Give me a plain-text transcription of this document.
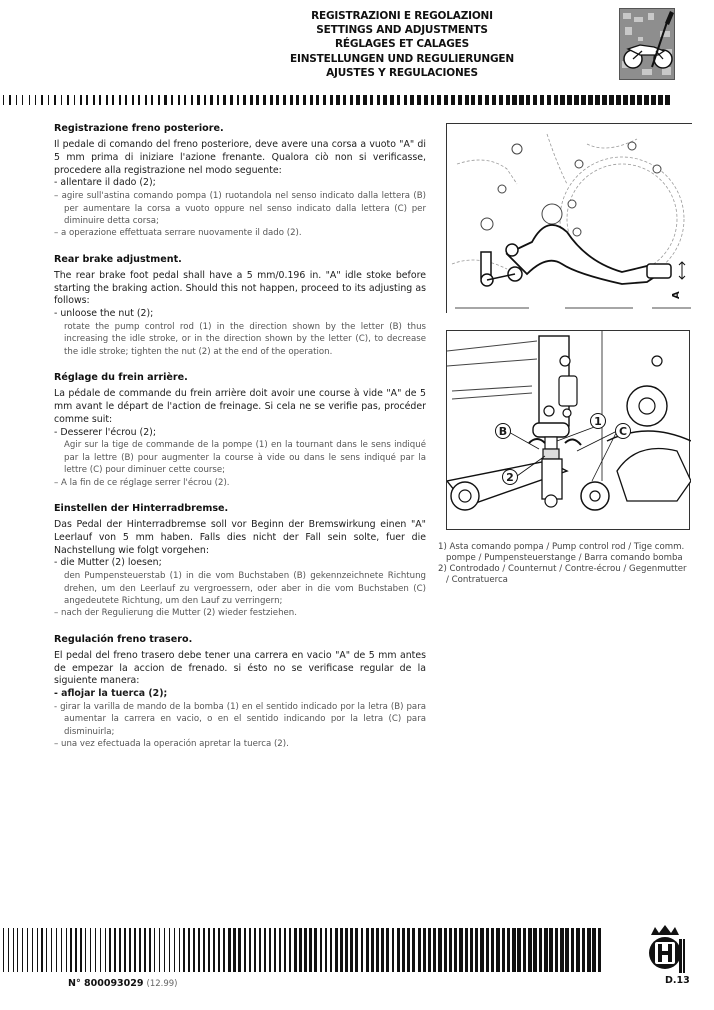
REGISTRAZIONI E REGOLAZIONI
SETTINGS AND ADJUSTMENTS
RÉGLAGES ET CALAGES
EINSTELLUNGEN UND REGULIERUNGEN
AJUSTES Y REGULACIONES
Registrazione freno posteriore.
Il pedale di comando del freno posteriore, deve avere una corsa a vuoto "A" di 5 mm prima di iniziare l'azione frenante. Qualora ciò non si verificasse, procedere alla registrazione nel modo seguente:
- allentare il dado (2);
– agire sull'astina comando pompa (1) ruotandola nel senso indicato dalla lettera (B) per aumentare la corsa a vuoto oppure nel senso indicato dalla lettera (C) per diminuire detta corsa;
– a operazione effettuata serrare nuovamente il dado (2).
Rear brake adjustment.
The rear brake foot pedal shall have a 5 mm/0.196 in. "A" idle stoke before starting the braking action. Should this not happen, proceed to its adjusting as follows:
- unloose the nut (2);
rotate the pump control rod (1) in the direction shown by the letter (B) thus increasing the idle stroke, or in the direction shown by the letter (C), to decrease the idle stroke; tighten the nut (2) at the end of the operation.
Réglage du frein arrière.
La pédale de commande du frein arrière doit avoir une course à vide "A" de 5 mm avant le départ de l'action de freinage. Si cela ne se verifie pas, procéder comme suit:
- Desserer l'écrou (2);
Agir sur la tige de commande de la pompe (1) en la tournant dans le sens indiqué par la lettre (B) pour augmenter la course à vide ou dans le sens indiqué par la lettre (C) pour diminuer cette course;
– A la fin de ce réglage serrer l'écrou (2).
Einstellen der Hinterradbremse.
Das Pedal der Hinterradbremse soll vor Beginn der Bremswirkung einen "A" Leerlauf von 5 mm haben. Falls dies nicht der Fall sein solte, fuer die Nachstellung wie folgt vorgehen:
- die Mutter (2) loesen;
den Pumpensteuerstab (1) in die vom Buchstaben (B) gekennzeichnete Richtung drehen, um den Leerlauf zu vergroessern, oder aber in die vom Buchstaben (C) angedeutete Richtung, um den Lauf zu verringern;
– nach der Regulierung die Mutter (2) wieder festziehen.
Regulación freno trasero.
El pedal del freno trasero debe tener una carrera en vacio "A" de 5 mm antes de empezar la accion de frenado. si ésto no se verificase regular de la siguiente manera:
- aflojar la tuerca (2);
- girar la varilla de mando de la bomba (1) en el sentido indicado por la letra (B) para aumentar la carrera en vacio, o en el sentido indicando por la letra (C) para disminuirla;
– una vez efectuada la operación apretar la tuerca (2).
A
B
1
C
2
1) Asta comando pompa / Pump control rod / Tige comm.
pompe / Pumpensteuerstange / Barra comando bomba
2) Controdado / Counternut / Contre-écrou / Gegenmutter
/ Contratuerca
N° 800093029 (12.99)	D.13
